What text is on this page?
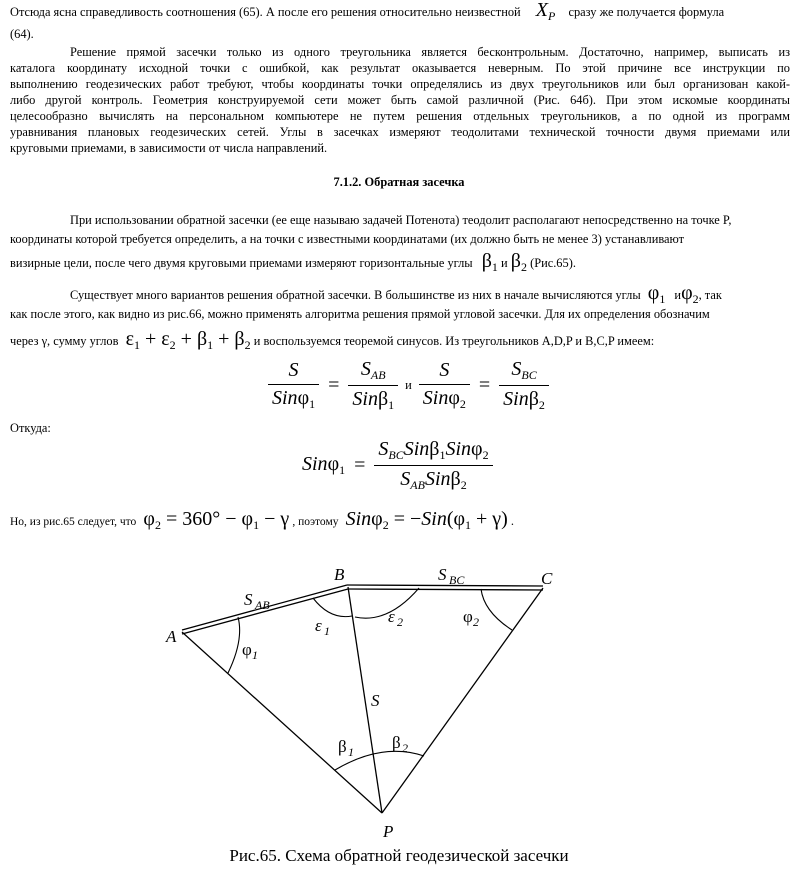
Отсюда ясна справедливость соотношения (65). А после его решения относительно неизвестной $X_P$ сразу же получается формула
(64).
Решение прямой засечки только из одного треугольника является бесконтрольным. Достаточно, например, выписать из
каталога координату исходной точки с ошибкой, как результат оказывается неверным. По этой причине все инструкции по
выполнению геодезических работ требуют, чтобы координаты точки определялись из двух треугольников или был организован какой-
либо другой контроль. Геометрия конструируемой сети может быть самой различной (Рис. 64б). При этом искомые координаты
целесообразно вычислять на персональном компьютере не путем решения отдельных треугольников, а по одной из программ
уравнивания плановых геодезических сетей. Углы в засечках измеряют теодолитами технической точности двумя приемами или
круговыми приемами, в зависимости от числа направлений.
7.1.2. Обратная засечка
При использовании обратной засечки (ее еще называю задачей Потенота) теодолит располагают непосредственно на точке P,
координаты которой требуется определить, а на точки с известными координатами (их должно быть не менее 3) устанавливают
визирные цели, после чего двумя круговыми приемами измеряют горизонтальные углы $\beta_1$ и $\beta_2$ (Рис.65).
Существует много вариантов решения обратной засечки. В большинстве из них в начале вычисляются углы $\varphi_1$ $и\varphi_2$, так
как после этого, как видно из рис.66, можно применять алгоритма решения прямой угловой засечки. Для их определения обозначим
через γ, сумму углов $\varepsilon_1 + \varepsilon_2 + \beta_1 + \beta_2$ и воспользуемся теоремой синусов. Из треугольников A,D,P и B,C,P имеем:
$\frac{S}{Sin\varphi_1} = \frac{S_{AB}}{Sin\beta_1}$ и $\frac{S}{Sin\varphi_2} = \frac{S_{BC}}{Sin\beta_2}$
Откуда:
$Sin\varphi_1 = \frac{S_{BC}Sin\beta_1Sin\varphi_2}{S_{AB}Sin\beta_2}$
Но, из рис.65 следует, что $\varphi_2 = 360^\circ - \varphi_1 - \gamma$ , поэтому $Sin\varphi_2 = -Sin(\varphi_1 + \gamma)$ .
A
B	C
P
S AB
S BC
S
φ 1
φ 2
ε 1
ε 2
β 1 β 2
Рис.65. Схема обратной геодезической засечки
